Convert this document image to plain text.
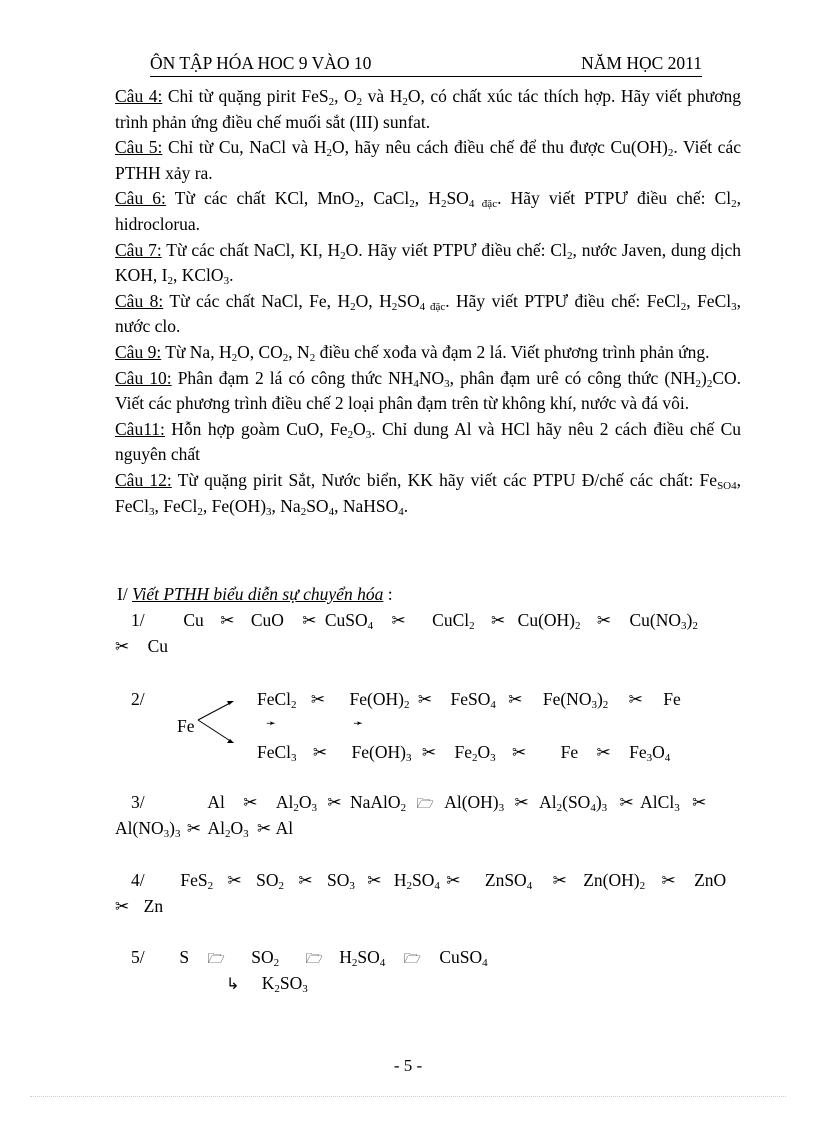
ÔN TẬP HÓA HOC 9 VÀO 10	NĂM HỌC 2011

Câu 4: Chỉ từ quặng pirit FeS$_2$, $O_2$ và $H_2O$, có chất xúc tác thích hợp. Hãy viết phương trình phản ứng điều chế muối sắt (III) sunfat.

Câu 5: Chỉ từ Cu, NaCl và $H_2O$, hãy nêu cách điều chế để thu được $Cu(OH)_2$. Viết các PTHH xảy ra.

Câu 6: Từ các chất KCl, MnO$_2$, CaCl$_2$, $H_2SO_{4 đặc}$. Hãy viết PTPƯ điều chế: $Cl_2$, hidroclorua.

Câu 7: Từ các chất NaCl, KI, $H_2O$. Hãy viết PTPƯ điều chế: $Cl_2$, nước Javen, dung dịch KOH, $I_2$, KClO$_3$.

Câu 8: Từ các chất NaCl, Fe, $H_2O$, $H_2SO_{4 đặc}$. Hãy viết PTPƯ điều chế: FeCl$_2$, FeCl$_3$, nước clo.

Câu 9: Từ Na, $H_2O$, $CO_2$, $N_2$ điều chế xođa và đạm 2 lá. Viết phương trình phản ứng.

Câu 10: Phân đạm 2 lá có công thức $NH_4NO_3$, phân đạm urê có công thức $(NH_2)_2CO$. Viết các phương trình điều chế 2 loại phân đạm trên từ không khí, nước và đá vôi.

Câu11: Hỗn hợp goàm CuO, $Fe_2O_3$. Chỉ dung Al và HCl hãy nêu 2 cách điều chế Cu nguyên chất

Câu 12: Từ quặng pirit Sắt, Nước biển, KK hãy viết các PTPU Đ/chế các chất: $Fe_{SO4}$, FeCl$_3$, FeCl$_2$, $Fe(OH)_3$, $Na_2SO_4$, NaHSO$_4$.

I/ Viết PTHH biểu diễn sự chuyển hóa :
1/ Cu ✂ CuO ✂ CuSO$_4$ ✂ CuCl$_2$ ✂ $Cu(OH)_2$ ✂ $Cu(NO_3)_2$
✂ Cu
2/
Fe
FeCl$_2$ ✂ $Fe(OH)_2$ ✂ FeSO$_4$ ✂ $Fe(NO_3)_2$ ✂ Fe
➛	➛
FeCl$_3$ ✂ $Fe(OH)_3$ ✂ $Fe_2O_3$ ✂ Fe ✂ $Fe_3O_4$
3/	Al ✂ $Al_2O_3$ ✂ NaAlO$_2$ 🗁 $Al(OH)_3$ ✂ $Al_2(SO_4)_3$ ✂ AlCl$_3$ ✂
$Al(NO_3)_3$ ✂ $Al_2O_3$ ✂ Al
4/ FeS$_2$ ✂ $SO_2$ ✂ $SO_3$ ✂ $H_2SO_4$ ✂ ZnSO$_4$ ✂ $Zn(OH)_2$ ✂ ZnO
✂ Zn
5/ S 🗁 $SO_2$ 🗁 $H_2SO_4$ 🗁 CuSO$_4$
↳ $K_2SO_3$
- 5 -
